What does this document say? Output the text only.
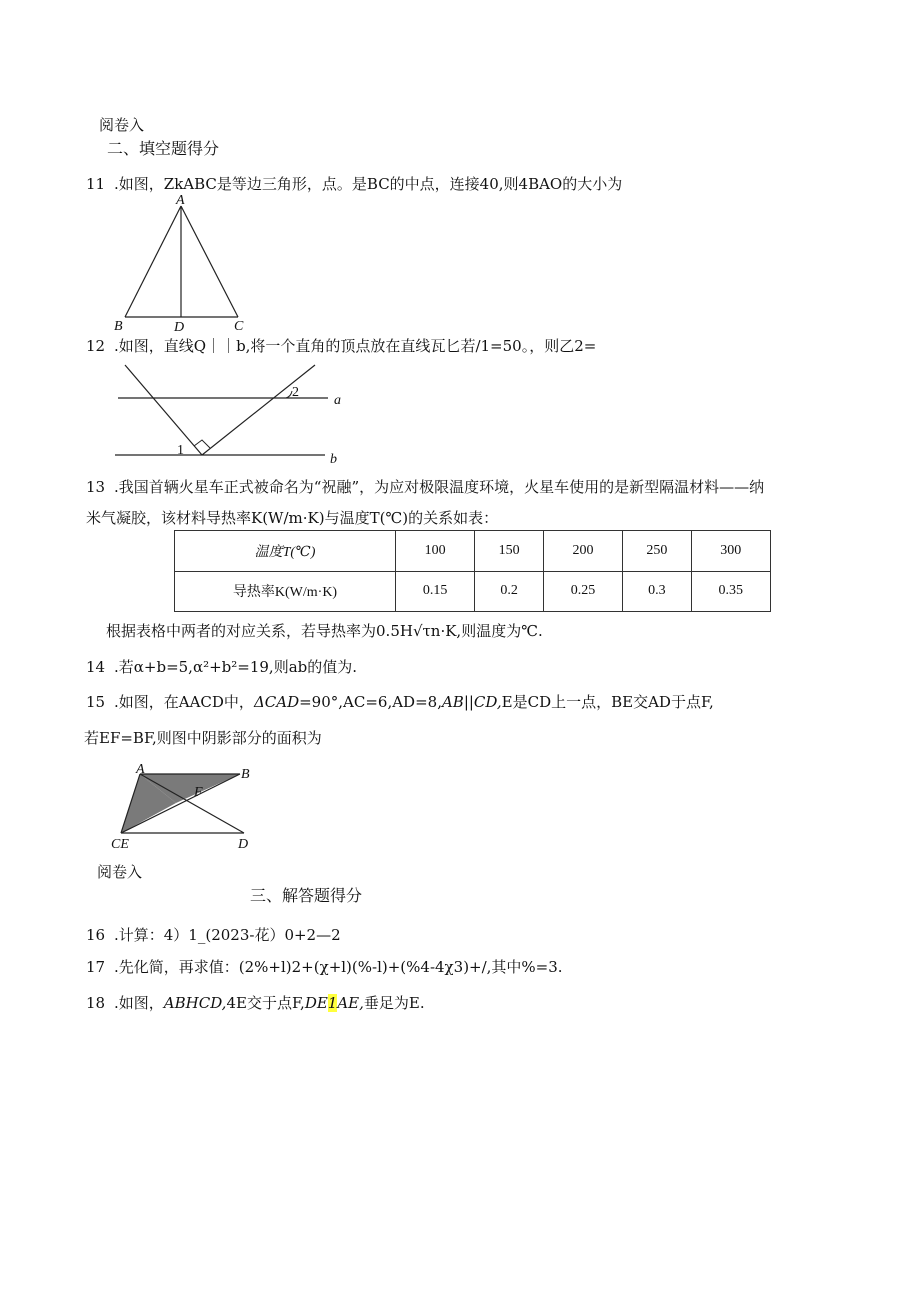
阅卷入
二、填空题得分
11 .如图，ZkABC是等边三角形，点。是BC的中点，连接40,则4BAO的大小为
A
B	D	C
12 .如图，直线Q｜｜b,将一个直角的顶点放在直线瓦匕若/1=50。，则乙2=
a
b
1
2
13 .我国首辆火星车正式被命名为“祝融”，为应对极限温度环境，火星车使用的是新型隔温材料——纳
米气凝胶，该材料导热率K(W/m·K)与温度T(℃)的关系如表：
温度T(℃)	100	150	200	250	300
导热率K(W/m·K)	0.15	0.2	0.25	0.3	0.35
根据表格中两者的对应关系，若导热率为0.5H√τn·K,则温度为℃.
14 .若α+b=5,α²+b²=19,则ab的值为.
15 .如图，在AACD中，ΔCAD=90°,AC=6,AD=8,AB||CD,E是CD上一点，BE交AD于点F,
若EF=BF,则图中阴影部分的面积为
A	B
F
CE	D
阅卷入
三、解答题得分
16 .计算：4）1_(2023-花）0+2—2
17 .先化简，再求值：(2%+l)2+(χ+l)(%-l)+(%4-4χ3)+/,其中%=3.
18 .如图，ABHCD,4E交于点F,DE1AE,垂足为E.
